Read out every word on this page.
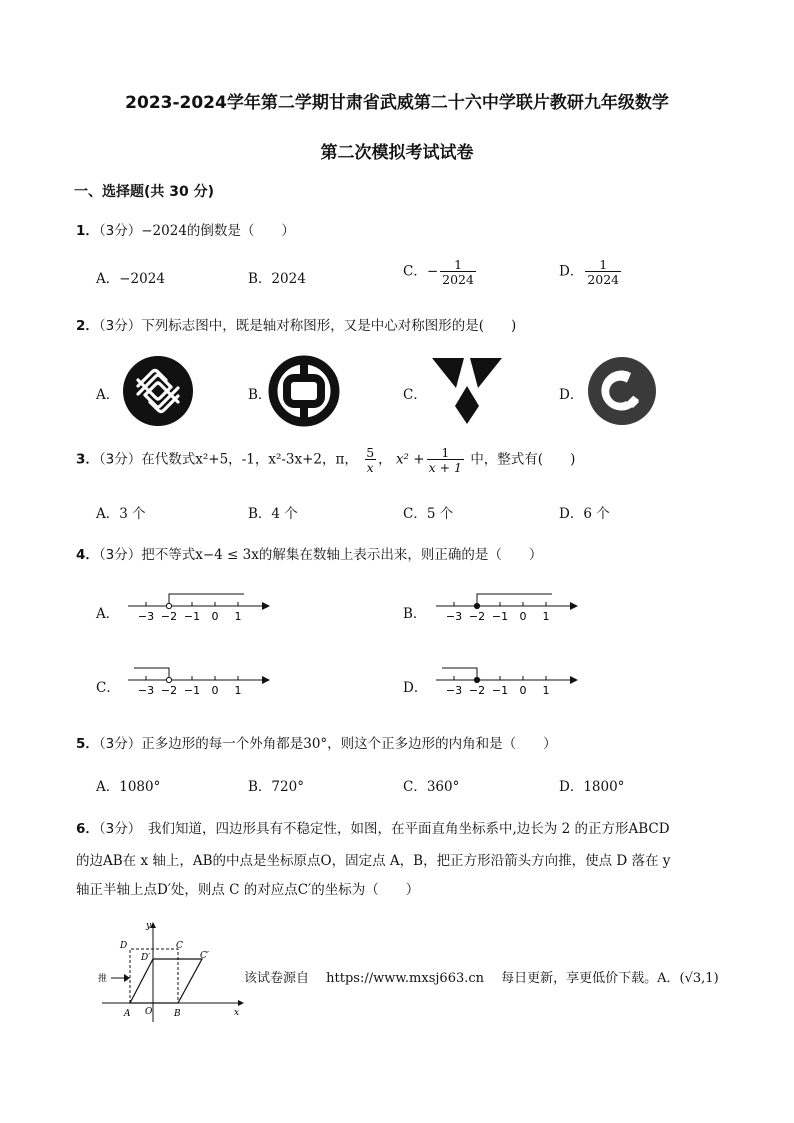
2023-2024学年第二学期甘肃省武威第二十六中学联片教研九年级数学
第二次模拟考试试卷
一、选择题(共 30 分)
1．（3分）−2024的倒数是（　　）
A．−2024	B．2024	C．− $\frac{1}{2024}$	D． $\frac{1}{2024}$
2．（3分）下列标志图中，既是轴对称图形，又是中心对称图形的是(　　)
A．	B．	C．	D．
3．（3分）在代数式x²+5，-1，x²-3x+2，π， $\frac{5}{x}$ ， $x^2 + \frac{1}{x + 1}$ 中，整式有(　　)
A．3 个	B．4 个	C．5 个	D．6 个
4．（3分）把不等式x−4 ≤ 3x的解集在数轴上表示出来，则正确的是（　　）
A．	B．
C．	D．
−3 −2 −1 0 1	−3 −2 −1 0 1
−3 −2 −1 0 1	−3 −2 −1 0 1
5．（3分）正多边形的每一个外角都是30°，则这个正多边形的内角和是（　　）
A．1080°	B．720°	C．360°	D．1800°
6．（3分）　我们知道，四边形具有不稳定性，如图，在平面直角坐标系中,边长为 2 的正方形ABCD
的边AB在 x 轴上，AB的中点是坐标原点O，固定点 A，B，把正方形沿箭头方向推，使点 D 落在 y
轴正半轴上点D′处，则点 C 的对应点C′的坐标为（　　）
y
x
D	C
D′	C′
A O B
推	该试卷源自　 https://www.mxsj663.cn　 每日更新，享更低价下载。A．(√3,1)
